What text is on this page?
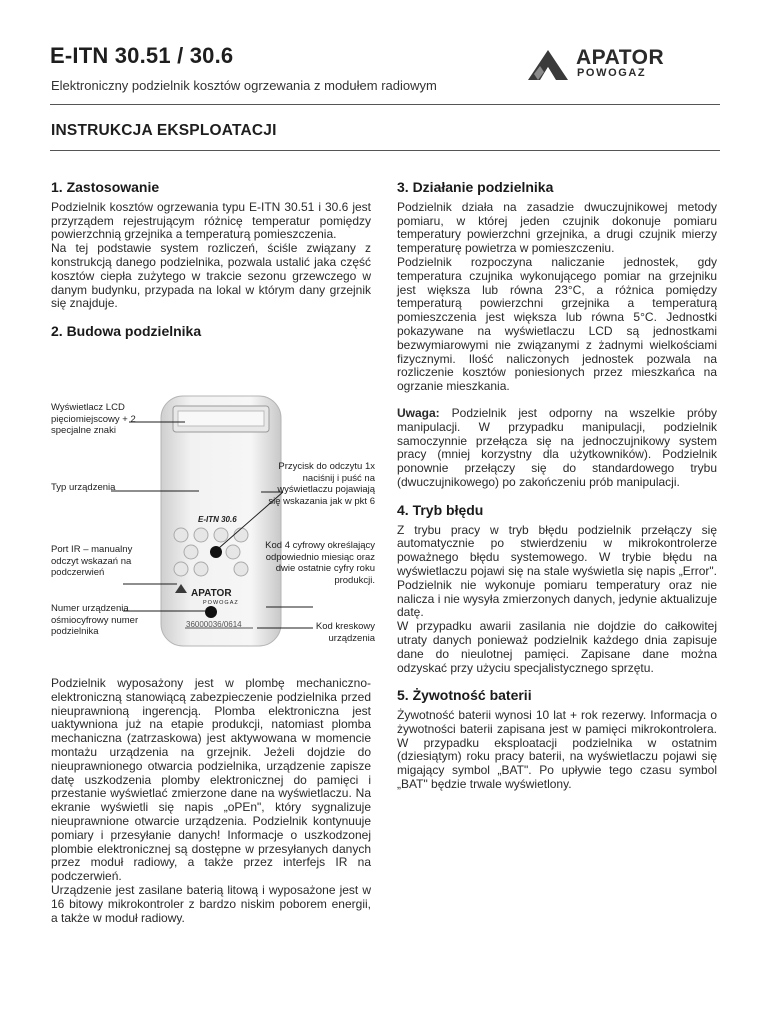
E-ITN 30.51 / 30.6

Elektroniczny podzielnik kosztów ogrzewania z modułem radiowym

APATOR
POWOGAZ
INSTRUKCJA EKSPLOATACJI
1. Zastosowanie

Podzielnik kosztów ogrzewania typu E-ITN 30.51 i 30.6 jest przyrządem rejestrującym różnicę temperatur pomiędzy powierzchnią grzejnika a temperaturą pomieszczenia.

Na tej podstawie system rozliczeń, ściśle związany z konstrukcją danego podzielnika, pozwala ustalić jaka część kosztów ciepła zużytego w trakcie sezonu grzewczego w danym budynku, przypada na lokal w którym dany grzejnik się znajduje.

2. Budowa podzielnika
E-ITN 30.6
APATOR
POWOGAZ
36000036/0614
Wyświetlacz LCD pięciomiejscowy + 2 specjalne znaki
Typ urządzenia
Port IR – manualny odczyt wskazań na podczerwień
Numer urządzenia ośmiocyfrowy numer podzielnika
Przycisk do odczytu 1x naciśnij i puść na wyświetlaczu pojawiają się wskazania jak w pkt 6
Kod 4 cyfrowy określający odpowiednio miesiąc oraz dwie ostatnie cyfry roku produkcji.
Kod kreskowy urządzenia

Podzielnik wyposażony jest w plombę mechaniczno-elektroniczną stanowiącą zabezpieczenie podzielnika przed nieuprawnioną ingerencją. Plomba elektroniczna jest uaktywniona już na etapie produkcji, natomiast plomba mechaniczna (zatrzaskowa) jest aktywowana w momencie montażu urządzenia na grzejnik. Jeżeli dojdzie do nieuprawnionego otwarcia podzielnika, urządzenie zapisze datę uszkodzenia plomby elektronicznej do pamięci i przestanie wyświetlać zmierzone dane na wyświetlaczu. Na ekranie wyświetli się napis „oPEn", który sygnalizuje nieuprawnione otwarcie urządzenia. Podzielnik kontynuuje pomiary i przesyłanie danych! Informacje o uszkodzonej plombie elektronicznej są dostępne w przesyłanych danych przez moduł radiowy, a także przez interfejs IR na podczerwień.

Urządzenie jest zasilane baterią litową i wyposażone jest w 16 bitowy mikrokontroler z bardzo niskim poborem energii, a także w moduł radiowy.

3. Działanie podzielnika

Podzielnik działa na zasadzie dwuczujnikowej metody pomiaru, w której jeden czujnik dokonuje pomiaru temperatury powierzchni grzejnika, a drugi czujnik mierzy temperaturę powietrza w pomieszczeniu.

Podzielnik rozpoczyna naliczanie jednostek, gdy temperatura czujnika wykonującego pomiar na grzejniku jest większa lub równa 23°C, a różnica pomiędzy temperaturą powierzchni grzejnika a temperaturą pomieszczenia jest większa lub równa 5°C. Jednostki pokazywane na wyświetlaczu LCD są jednostkami bezwymiarowymi nie związanymi z żadnymi wielkościami fizycznymi. Ilość naliczonych jednostek pozwala na rozliczenie kosztów poniesionych przez mieszkańca na ogrzanie mieszkania.

Uwaga: Podzielnik jest odporny na wszelkie próby manipulacji. W przypadku manipulacji, podzielnik samoczynnie przełącza się na jednoczujnikowy system pracy (mniej korzystny dla użytkowników). Podzielnik ponownie przełączy się do standardowego trybu (dwuczujnikowego) po zakończeniu prób manipulacji.

4. Tryb błędu

Z trybu pracy w tryb błędu podzielnik przełączy się automatycznie po stwierdzeniu w mikrokontrolerze poważnego błędu systemowego. W trybie błędu na wyświetlaczu pojawi się na stale wyświetla się napis „Error". Podzielnik nie wykonuje pomiaru temperatury oraz nie nalicza i nie wysyła zmierzonych danych, jedynie aktualizuje datę.

W przypadku awarii zasilania nie dojdzie do całkowitej utraty danych ponieważ podzielnik każdego dnia zapisuje dane do nieulotnej pamięci. Zapisane dane można odzyskać przy użyciu specjalistycznego sprzętu.

5. Żywotność baterii

Żywotność baterii wynosi 10 lat + rok rezerwy. Informacja o żywotności baterii zapisana jest w pamięci mikrokontrolera. W przypadku eksploatacji podzielnika w ostatnim (dziesiątym) roku pracy baterii, na wyświetlaczu pojawi się migający symbol „BAT". Po upływie tego czasu symbol „BAT" będzie trwale wyświetlony.
